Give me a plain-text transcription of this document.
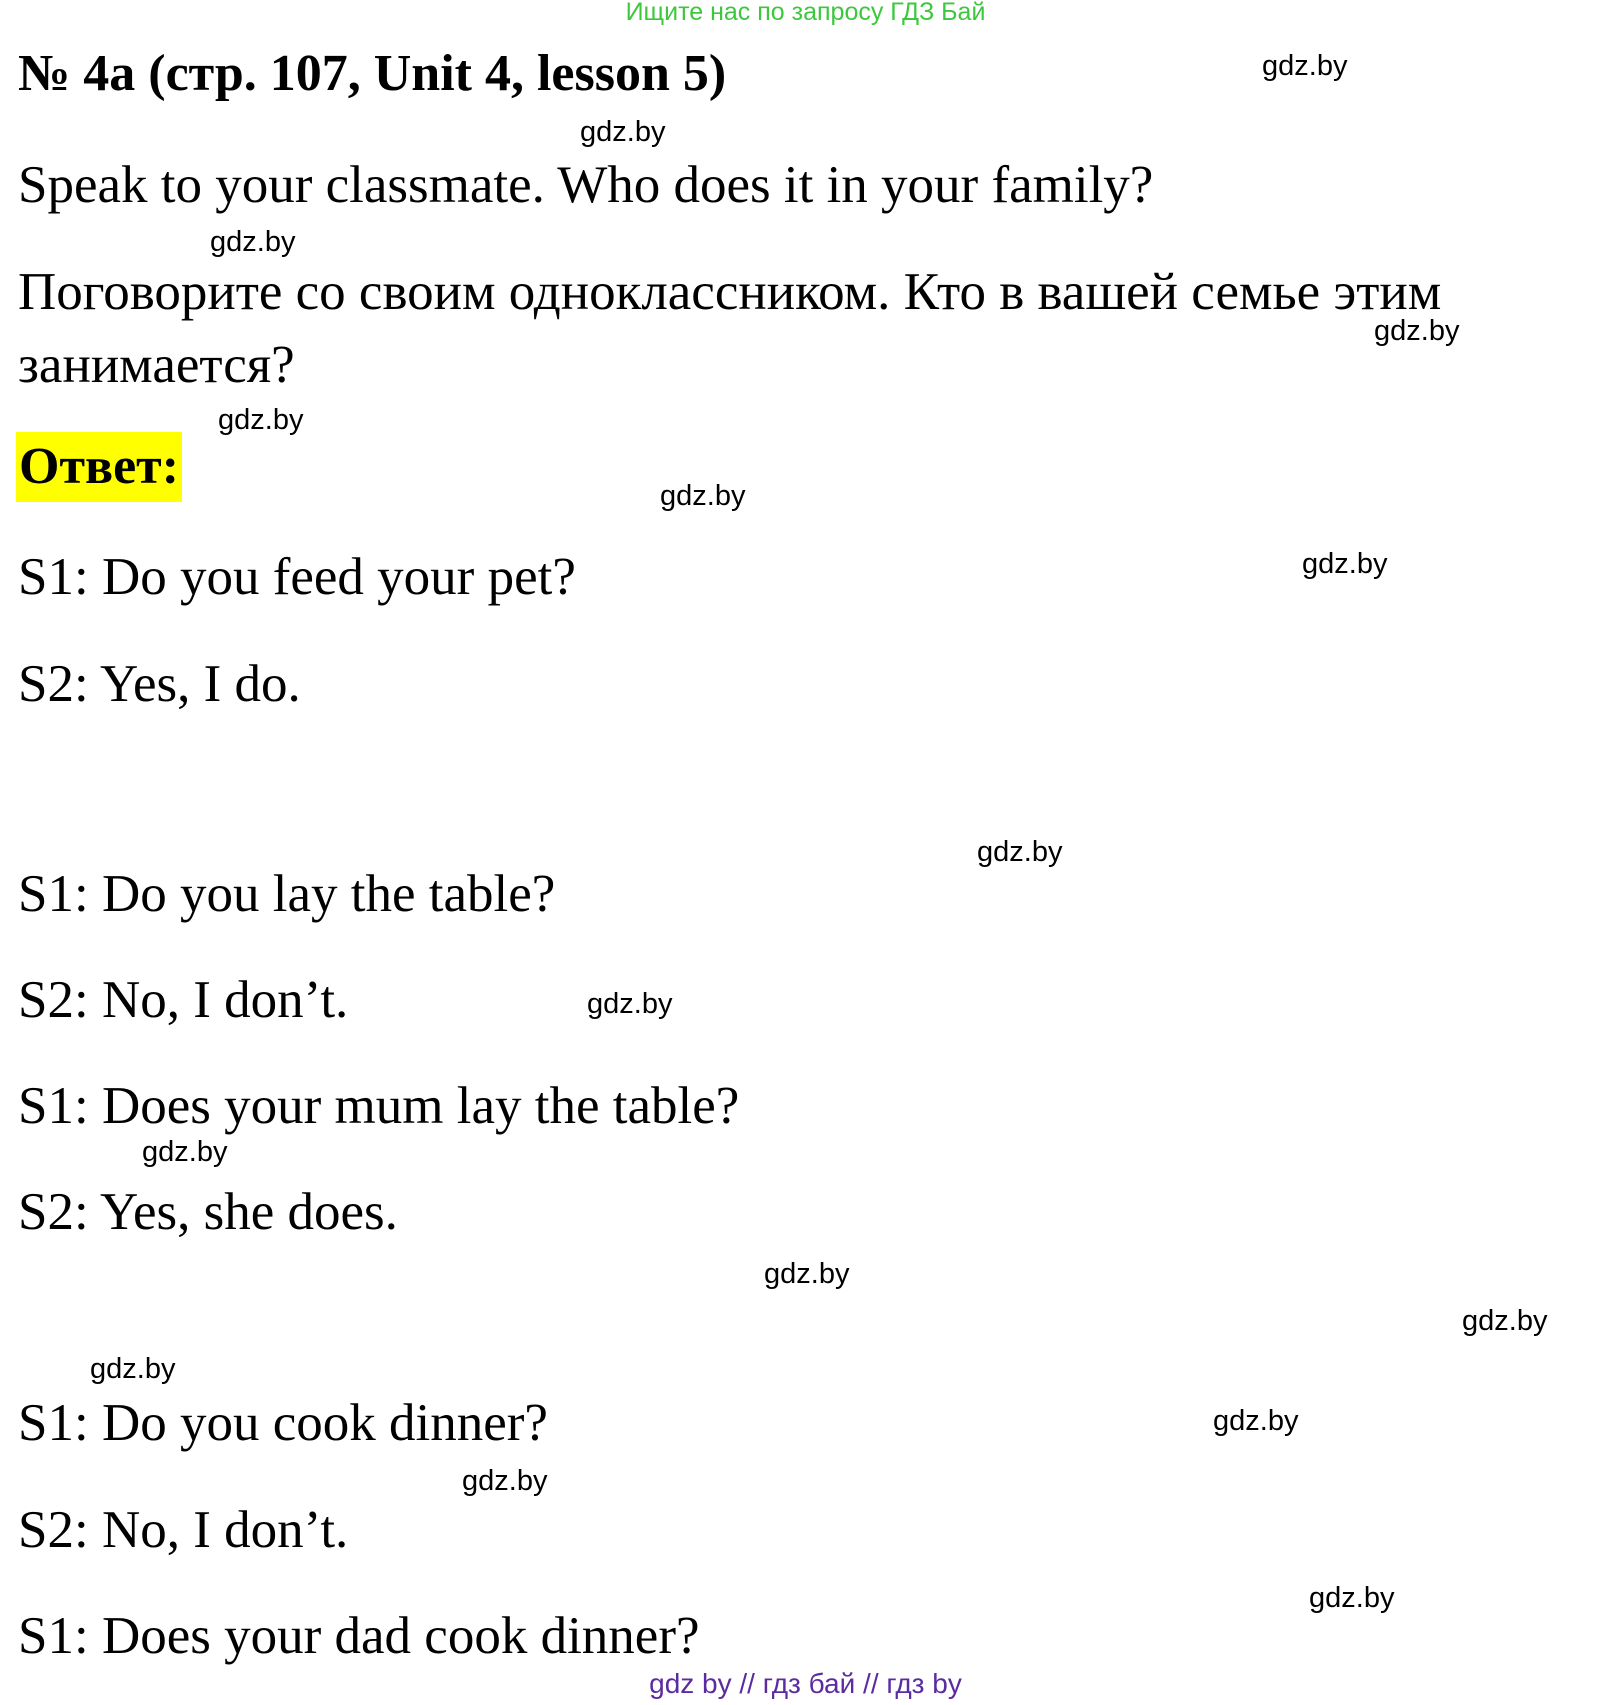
Ищите нас по запросу ГДЗ Бай
№ 4а (стр. 107, Unit 4, lesson 5)
Speak to your classmate. Who does it in your family?
Поговорите со своим одноклассником. Кто в вашей семье этим
занимается?
Ответ:
S1: Do you feed your pet?
S2: Yes, I do.
S1: Do you lay the table?
S2: No, I don’t.
S1: Does your mum lay the table?
S2: Yes, she does.
S1: Do you cook dinner?
S2: No, I don’t.
S1: Does your dad cook dinner?
gdz.by
gdz.by
gdz.by
gdz.by
gdz.by
gdz.by
gdz.by
gdz.by
gdz.by
gdz.by
gdz.by
gdz.by
gdz.by
gdz.by
gdz.by
gdz.by
gdz by // гдз бай // гдз by
